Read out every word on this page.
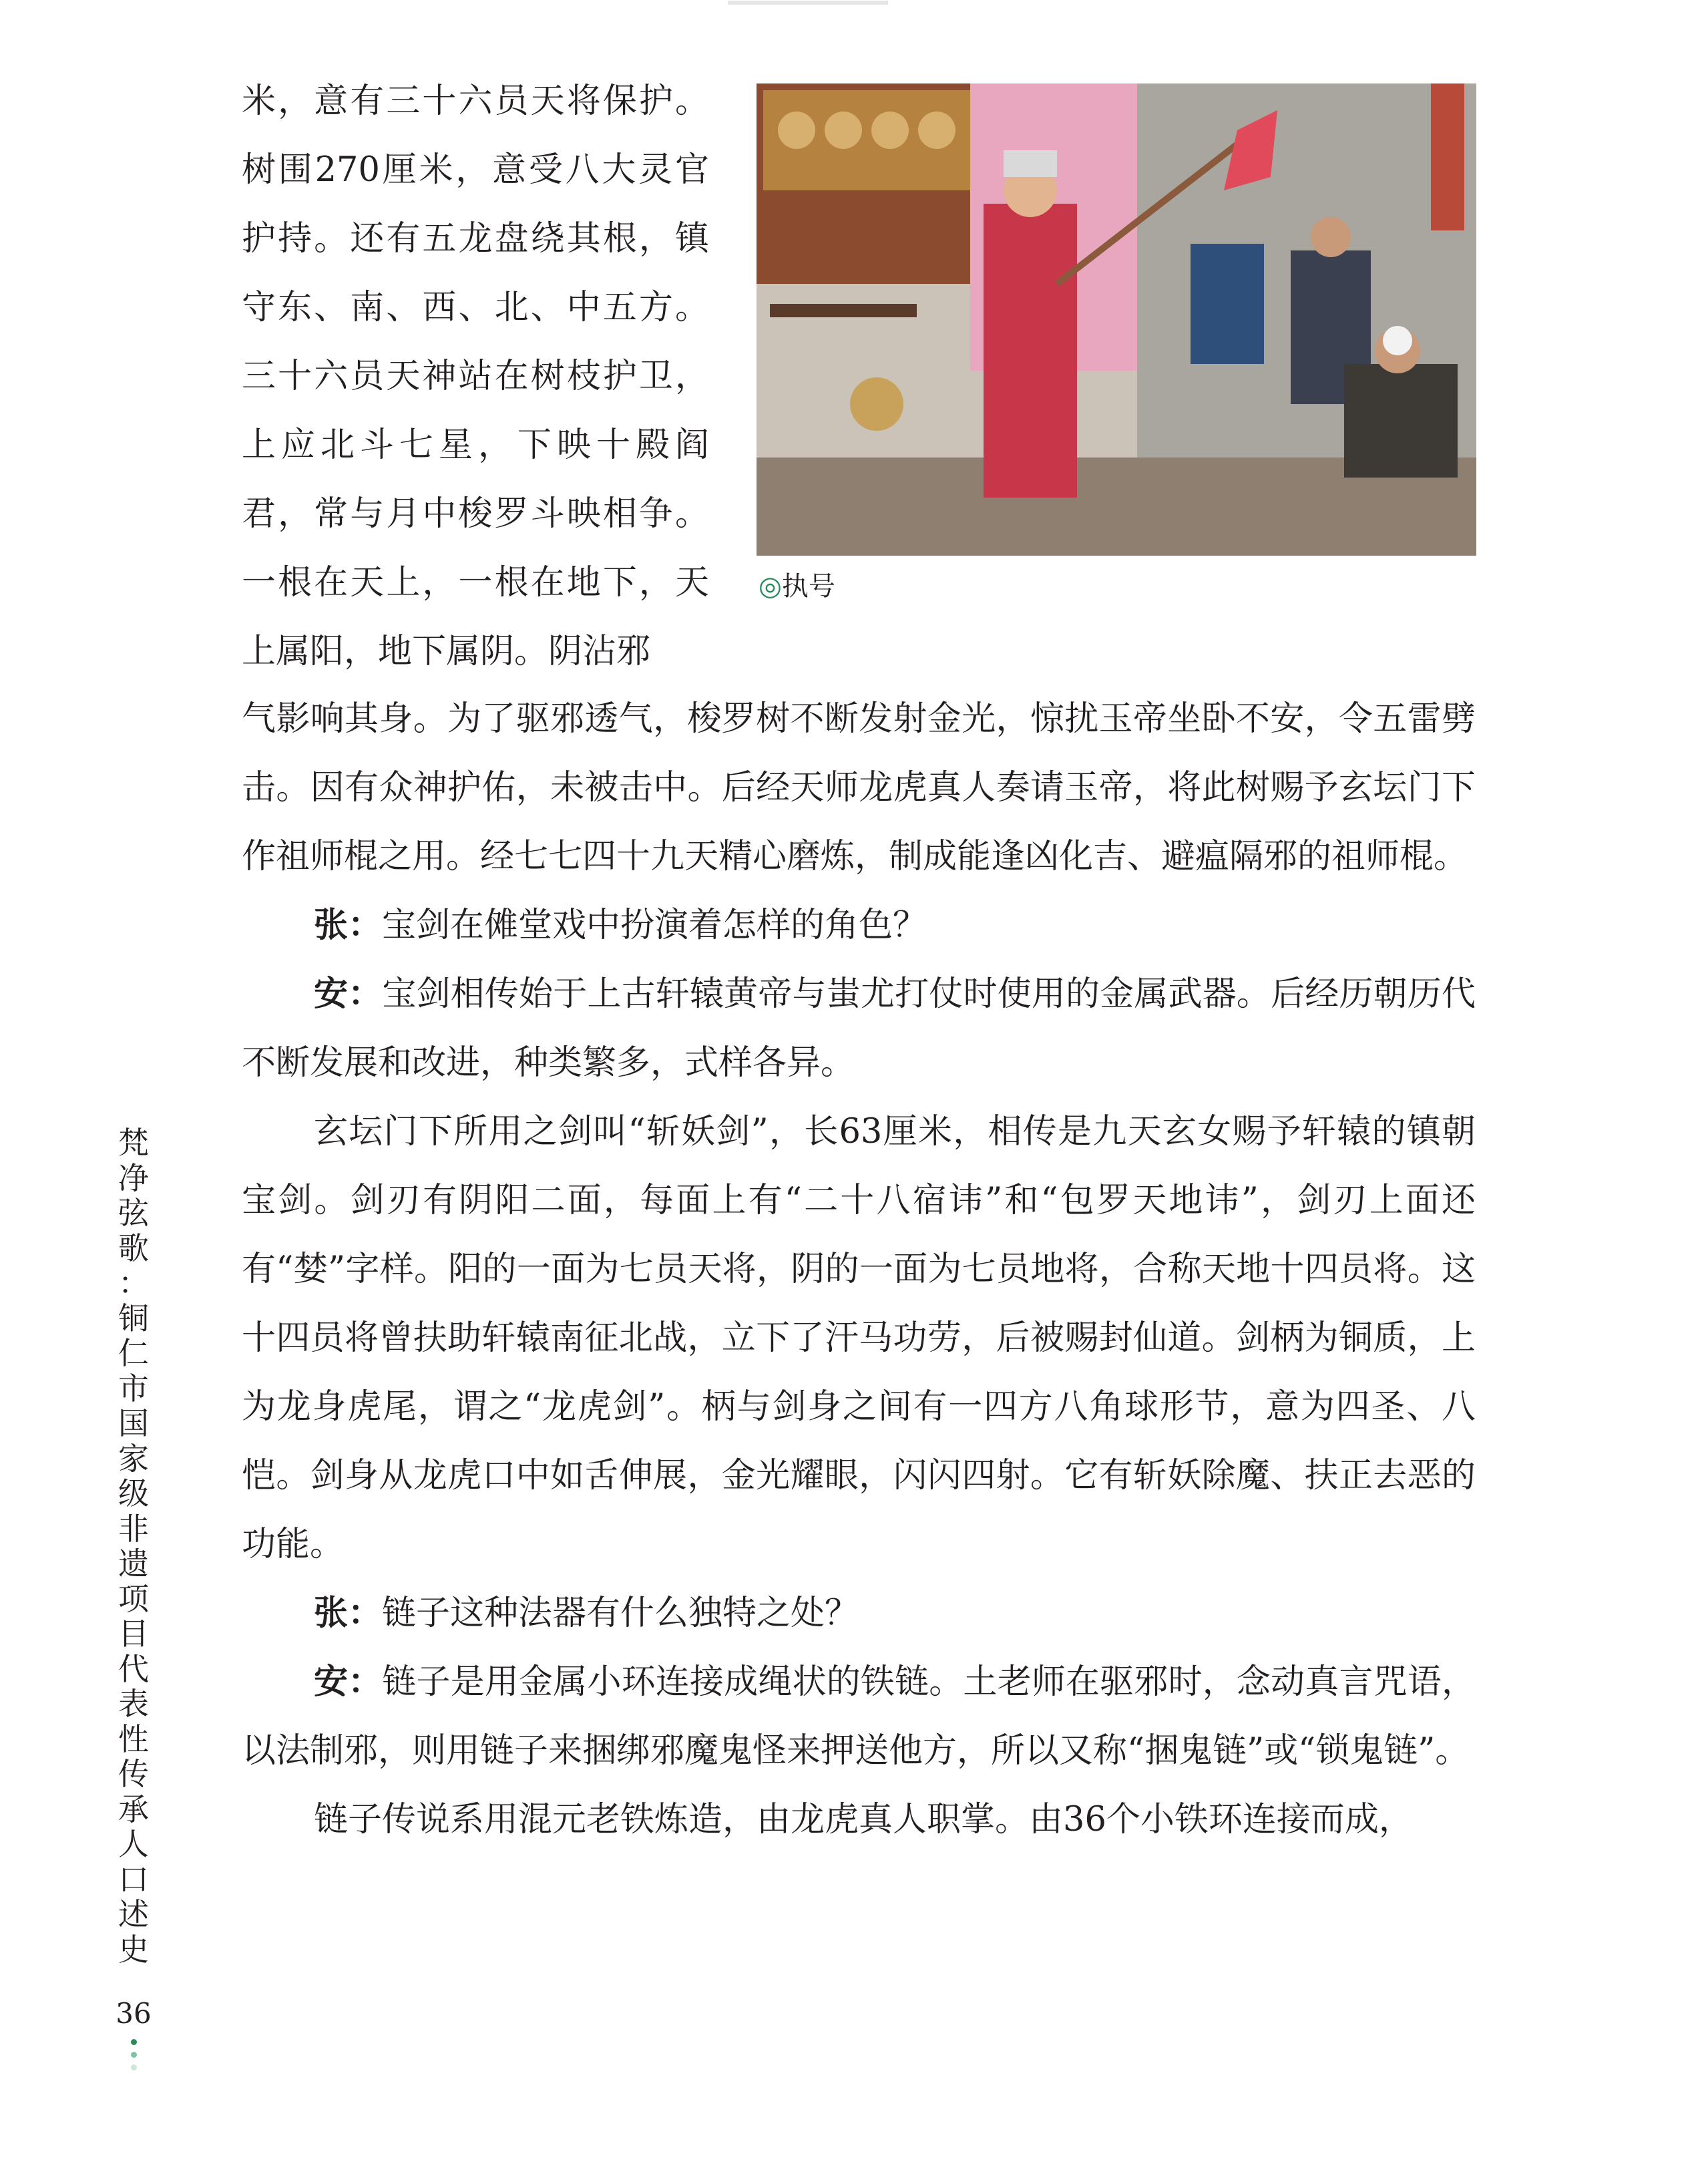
米，意有三十六员天将保护。树围270厘米，意受八大灵官护持。还有五龙盘绕其根，镇守东、南、西、北、中五方。三十六员天神站在树枝护卫，上应北斗七星，下映十殿阎君，常与月中梭罗斗映相争。一根在天上，一根在地下，天上属阳，地下属阴。阴沾邪

◎执号

气影响其身。为了驱邪透气，梭罗树不断发射金光，惊扰玉帝坐卧不安，令五雷劈击。因有众神护佑，未被击中。后经天师龙虎真人奏请玉帝，将此树赐予玄坛门下作祖师棍之用。经七七四十九天精心磨炼，制成能逢凶化吉、避瘟隔邪的祖师棍。

张：宝剑在傩堂戏中扮演着怎样的角色？

安：宝剑相传始于上古轩辕黄帝与蚩尤打仗时使用的金属武器。后经历朝历代不断发展和改进，种类繁多，式样各异。

玄坛门下所用之剑叫“斩妖剑”，长63厘米，相传是九天玄女赐予轩辕的镇朝宝剑。剑刃有阴阳二面，每面上有“二十八宿讳”和“包罗天地讳”，剑刃上面还有“婪”字样。阳的一面为七员天将，阴的一面为七员地将，合称天地十四员将。这十四员将曾扶助轩辕南征北战，立下了汗马功劳，后被赐封仙道。剑柄为铜质，上为龙身虎尾，谓之“龙虎剑”。柄与剑身之间有一四方八角球形节，意为四圣、八恺。剑身从龙虎口中如舌伸展，金光耀眼，闪闪四射。它有斩妖除魔、扶正去恶的功能。

张：链子这种法器有什么独特之处？

安：链子是用金属小环连接成绳状的铁链。土老师在驱邪时，念动真言咒语，以法制邪，则用链子来捆绑邪魔鬼怪来押送他方，所以又称“捆鬼链”或“锁鬼链”。

链子传说系用混元老铁炼造，由龙虎真人职掌。由36个小铁环连接而成，

梵
净
弦
歌
：
铜
仁
市
国
家
级
非
遗
项
目
代
表
性
传
承
人
口
述
史
36
